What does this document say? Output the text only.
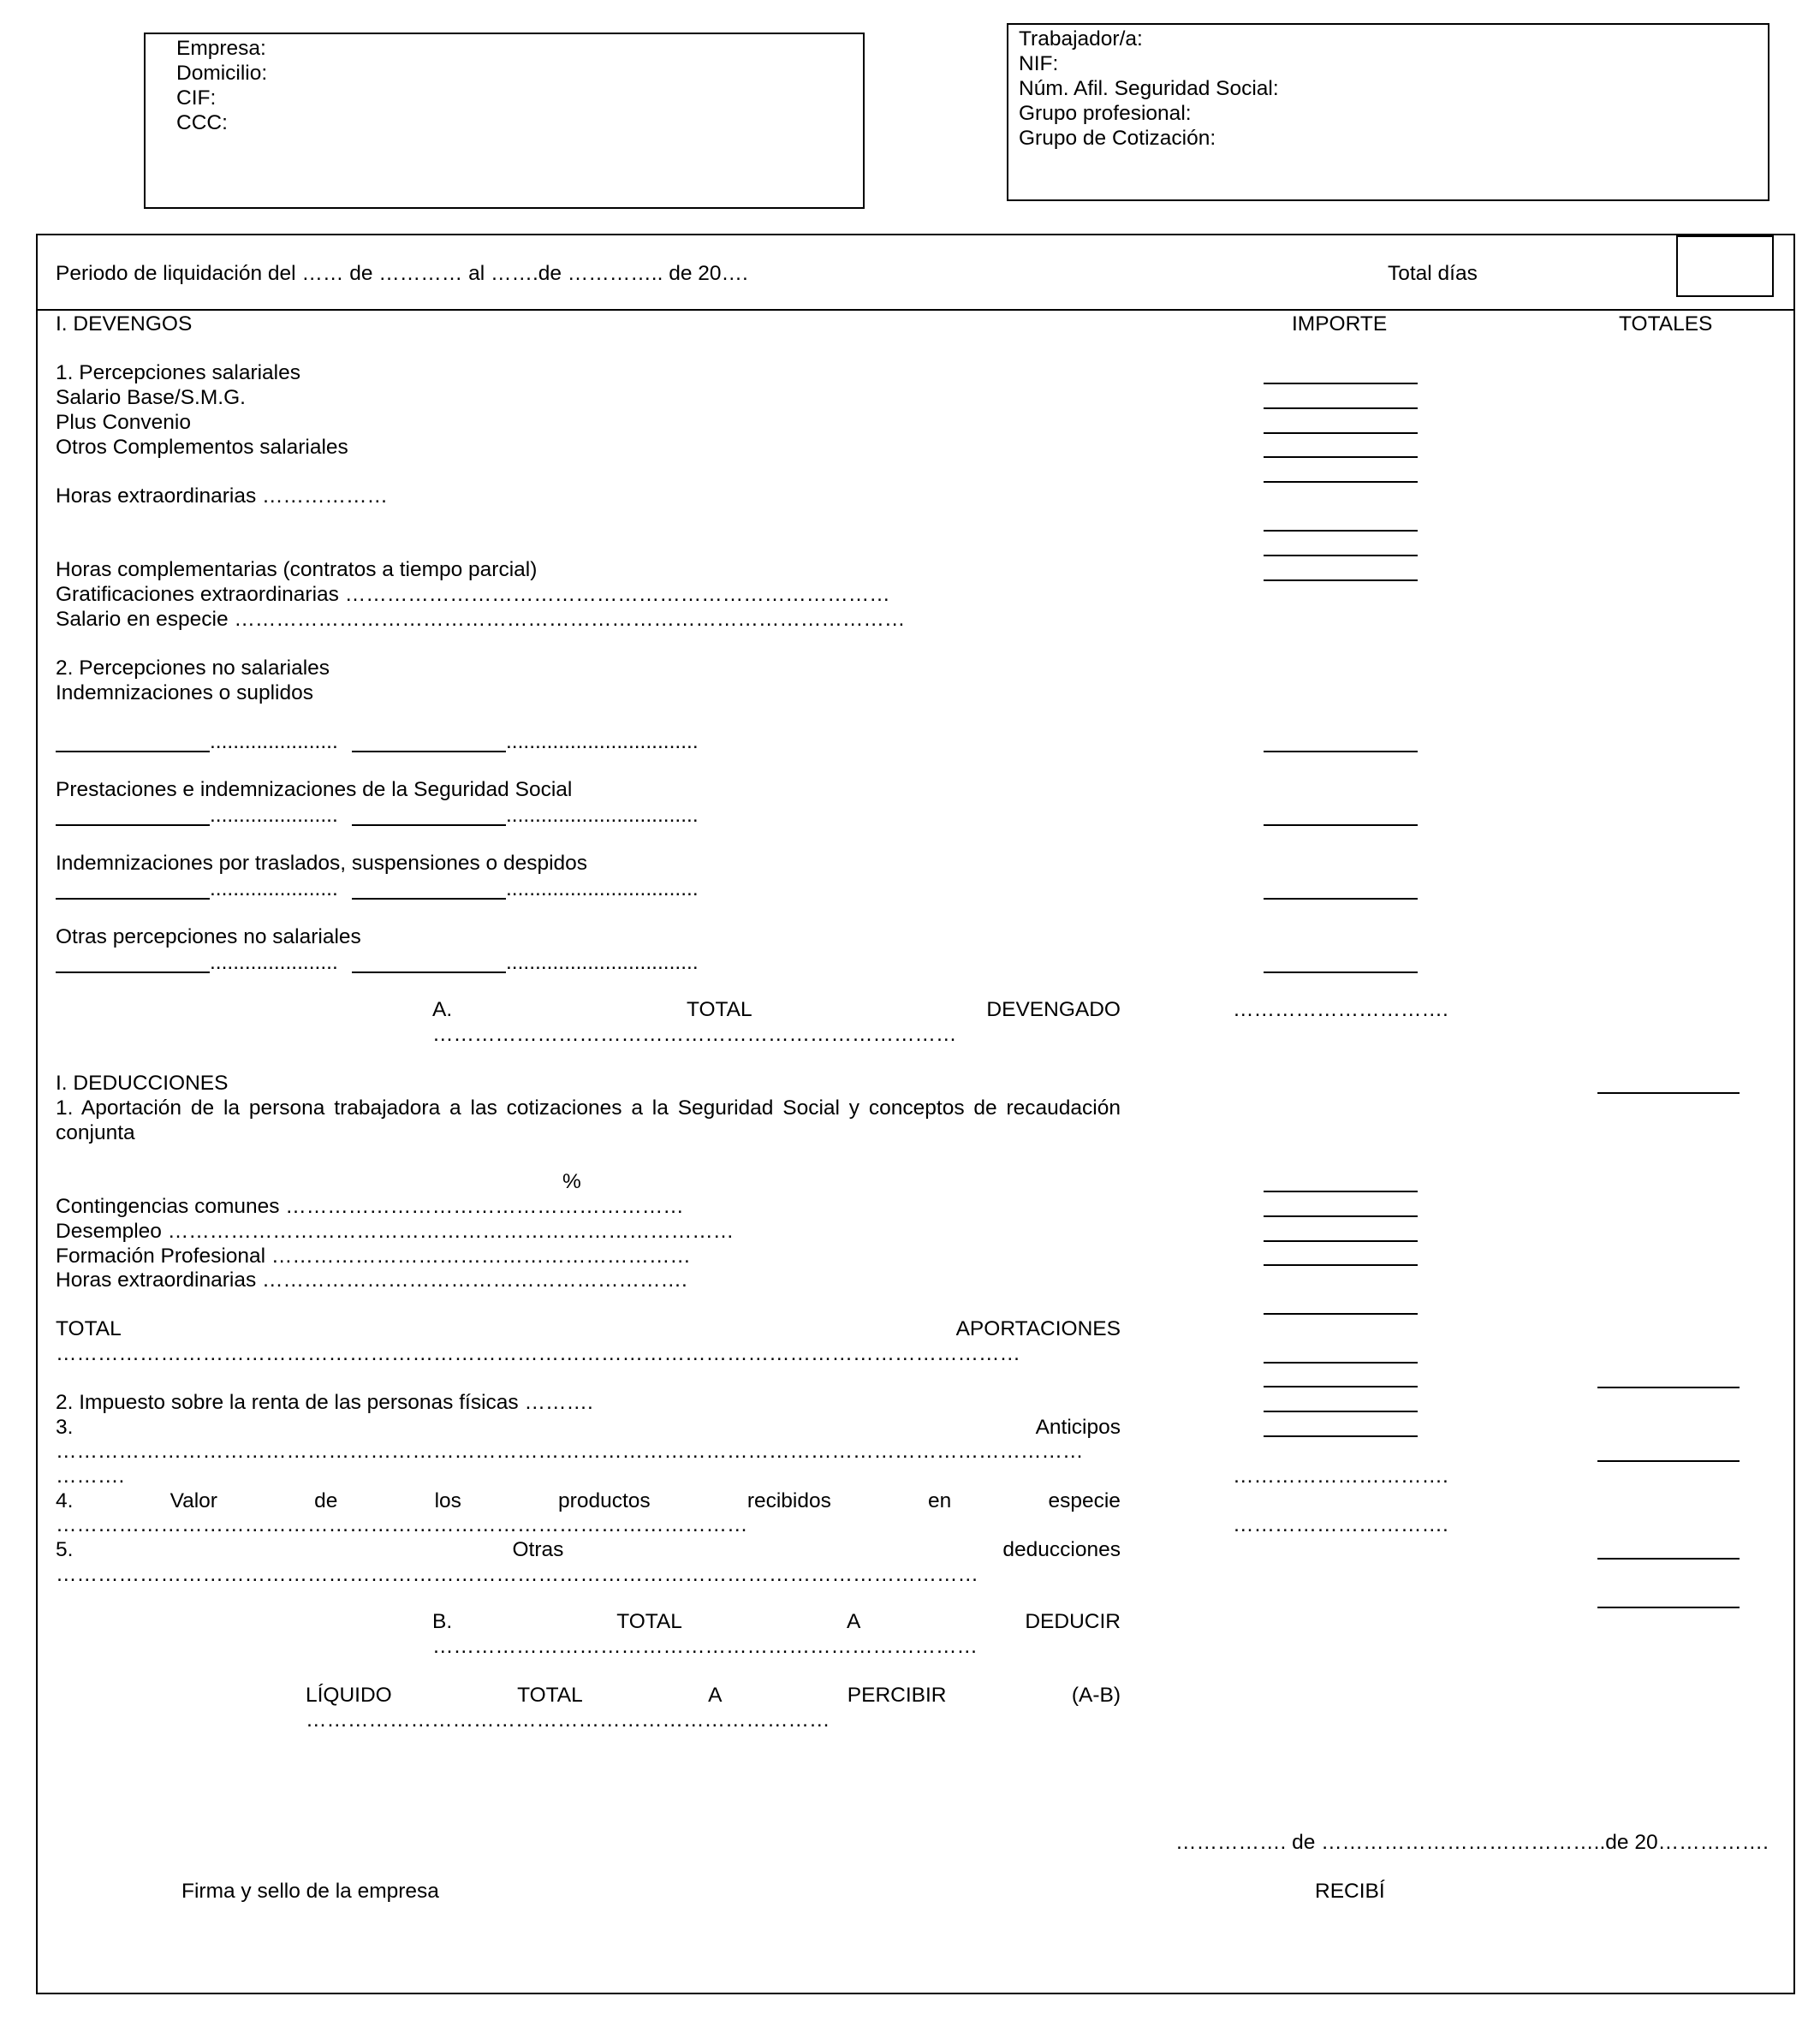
Empresa:
Domicilio:
CIF:
CCC:
Trabajador/a:
NIF:
Núm. Afil. Seguridad Social:
Grupo profesional:
Grupo de Cotización:
Periodo de liquidación del …… de ………… al …….de ………….. de 20….	Total días
I. DEVENGOS	IMPORTE	TOTALES
1. Percepciones salariales
Salario Base/S.M.G.
Plus Convenio
Otros Complementos salariales
Horas extraordinarias ………………
Horas complementarias (contratos a tiempo parcial)
Gratificaciones extraordinarias ……………………………………………………………………
Salario en especie ……………………………………………………………………………………
2. Percepciones no salariales
Indemnizaciones o suplidos
......................	.................................
Prestaciones e indemnizaciones de la Seguridad Social
......................	.................................
Indemnizaciones por traslados, suspensiones o despidos
......................	.................................
Otras percepciones no salariales
......................	.................................
A.	TOTAL	DEVENGADO
…………………………………………………………………
………………………….
I. DEDUCCIONES
1. Aportación de la persona trabajadora a las cotizaciones a la Seguridad Social y conceptos de recaudación conjunta
%
Contingencias comunes …………………………………………………
Desempleo ………………………………………………………………………
Formación Profesional ……………………………………………………
Horas extraordinarias …………………………………………………….
TOTAL	APORTACIONES
…………………………………………………………………………………………………………………………
2. Impuesto sobre la renta de las personas físicas ……….
3.	Anticipos
…………………………………………………………………………………………………………………………………
……….	………………………….
4.	Valor	de	los	productos	recibidos	en	especie
………………………………………………………………………………………	………………………….
5.	Otras	deducciones
……………………………………………………………………………………………………………………
B.	TOTAL	A	DEDUCIR
……………………………………………………………………
LÍQUIDO	TOTAL	A	PERCIBIR	(A-B)
…………………………………………………………………
……………. de …………………………………..de 20…………….
Firma y sello de la empresa	RECIBÍ
